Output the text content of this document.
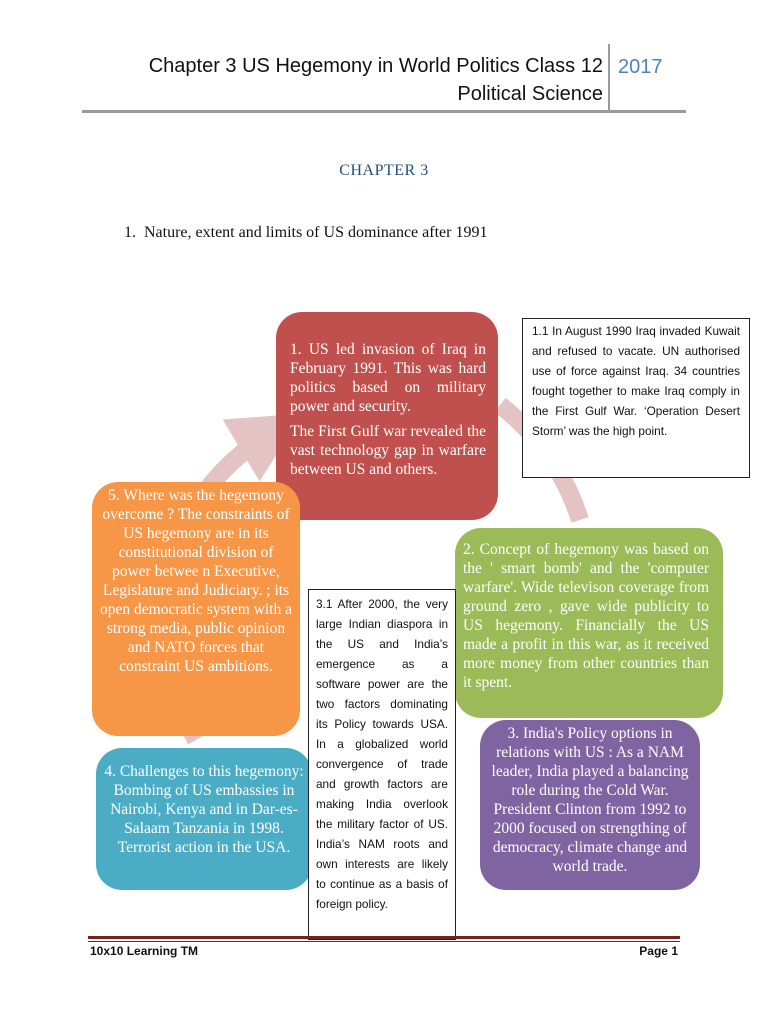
Chapter 3 US Hegemony in World Politics Class 12
Political Science
2017
CHAPTER 3
1. Nature, extent and limits of US dominance after 1991

1. US led invasion of Iraq in February 1991. This was hard politics based on military power and security.

The First Gulf war revealed the vast technology gap in warfare between US and others.

2. Concept of hegemony was based on the ' smart bomb' and the 'computer warfare'. Wide televison coverage from ground zero , gave wide publicity to US hegemony. Financially the US made a profit in this war, as it received more money from other countries than it spent.

3. India's Policy options in relations with US : As a NAM leader, India played a balancing role during the Cold War. President Clinton from 1992 to 2000 focused on strengthing of democracy, climate change and world trade.

4. Challenges to this hegemony: Bombing of US embassies in Nairobi, Kenya and in Dar-es-Salaam Tanzania in 1998. Terrorist action in the USA.

5. Where was the hegemony overcome ? The constraints of US hegemony are in its constitutional division of power betwee n Executive, Legislature and Judiciary. ; its open democratic system with a strong media, public opinion and NATO forces that constraint US ambitions.

1.1 In August 1990 Iraq invaded Kuwait and refused to vacate. UN authorised use of force against Iraq. 34 countries fought together to make Iraq comply in the First Gulf War. ‘Operation Desert Storm’ was the high point.
3.1 After 2000, the very large Indian diaspora in the US and India’s emergence as a software power are the two factors dominating its Policy towards USA. In a globalized world convergence of trade and growth factors are making India overlook the military factor of US. India’s NAM roots and own interests are likely to continue as a basis of foreign policy.
10x10 Learning TM	Page 1
